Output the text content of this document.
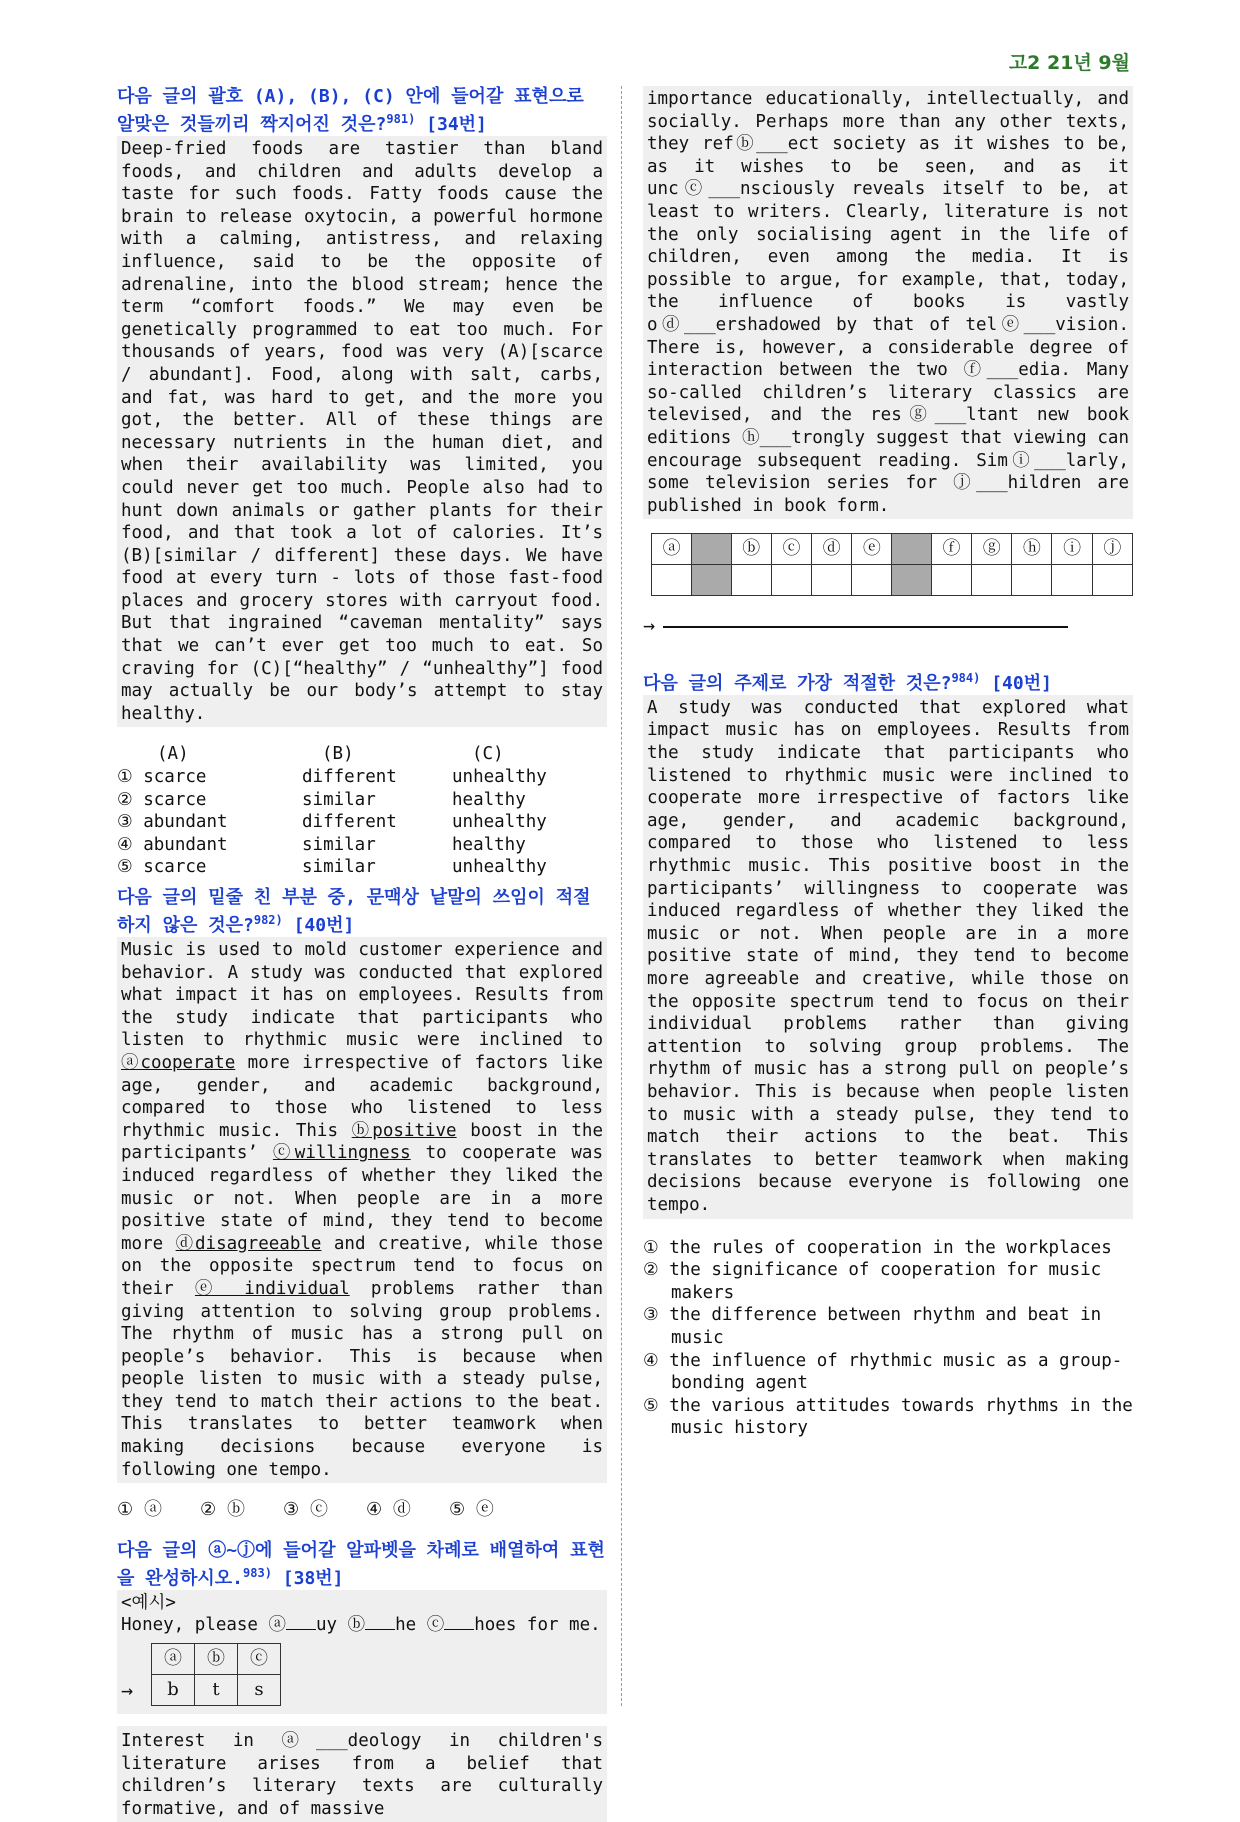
고2 21년 9월
다음 글의 괄호 (A), (B), (C) 안에 들어갈 표현으로 알맞은 것들끼리 짝지어진 것은?$^{981)}$ [34번]

Deep-fried foods are tastier than bland foods, and children and adults develop a taste for such foods. Fatty foods cause the brain to release oxytocin, a powerful hormone with a calming, antistress, and relaxing influence, said to be the opposite of adrenaline, into the blood stream; hence the term “comfort foods.” We may even be genetically programmed to eat too much. For thousands of years, food was very (A)[scarce / abundant]. Food, along with salt, carbs, and fat, was hard to get, and the more you got, the better. All of these things are necessary nutrients in the human diet, and when their availability was limited, you could never get too much. People also had to hunt down animals or gather plants for their food, and that took a lot of calories. It’s (B)[similar / different] these days. We have food at every turn - lots of those fast-food places and grocery stores with carryout food. But that ingrained “caveman mentality” says that we can’t ever get too much to eat. So craving for (C)[“healthy” / “unhealthy”] food may actually be our body’s attempt to stay healthy.

(A)	(B)	(C)
① scarce	different	unhealthy
② scarce	similar	healthy
③ abundant	different	unhealthy
④ abundant	similar	healthy
⑤ scarce	similar	unhealthy
다음 글의 밑줄 친 부분 중, 문맥상 낱말의 쓰임이 적절하지 않은 것은?$^{982)}$ [40번]

Music is used to mold customer experience and behavior. A study was conducted that explored what impact it has on employees. Results from the study indicate that participants who listen to rhythmic music were inclined to ⓐcooperate more irrespective of factors like age, gender, and academic background, compared to those who listened to less rhythmic music. This ⓑpositive boost in the participants’ ⓒwillingness to cooperate was induced regardless of whether they liked the music or not. When people are in a more positive state of mind, they tend to become more ⓓdisagreeable and creative, while those on the opposite spectrum tend to focus on their ⓔ individual problems rather than giving attention to solving group problems. The rhythm of music has a strong pull on people’s behavior. This is because when people listen to music with a steady pulse, they tend to match their actions to the beat. This translates to better teamwork when making decisions because everyone is following one tempo.

① ⓐ ② ⓑ ③ ⓒ ④ ⓓ ⑤ ⓔ
다음 글의 ⓐ~ⓙ에 들어갈 알파벳을 차례로 배열하여 표현을 완성하시오.$^{983)}$ [38번]
<예시>
Honey, please ⓐ uy ⓑ he ⓒ hoes for me.
→
ⓐ	ⓑ	ⓒ
b	t	s

Interest in ⓐ___deology in children's literature arises from a belief that children’s literary texts are culturally formative, and of massive

importance educationally, intellectually, and socially. Perhaps more than any other texts, they refⓑ___ect society as it wishes to be, as it wishes to be seen, and as it uncⓒ___nsciously reveals itself to be, at least to writers. Clearly, literature is not the only socialising agent in the life of children, even among the media. It is possible to argue, for example, that, today, the influence of books is vastly oⓓ___ershadowed by that of telⓔ___vision. There is, however, a considerable degree of interaction between the two ⓕ___edia. Many so-called children’s literary classics are televised, and the resⓖ___ltant new book editions ⓗ___trongly suggest that viewing can encourage subsequent reading. Simⓘ___larly, some television series for ⓙ___hildren are published in book form.

ⓐ		ⓑ	ⓒ	ⓓ	ⓔ		ⓕ	ⓖ	ⓗ	ⓘ	ⓙ

→
다음 글의 주제로 가장 적절한 것은?$^{984)}$ [40번]

A study was conducted that explored what impact music has on employees. Results from the study indicate that participants who listened to rhythmic music were inclined to cooperate more irrespective of factors like age, gender, and academic background, compared to those who listened to less rhythmic music. This positive boost in the participants’ willingness to cooperate was induced regardless of whether they liked the music or not. When people are in a more positive state of mind, they tend to become more agreeable and creative, while those on the opposite spectrum tend to focus on their individual problems rather than giving attention to solving group problems. The rhythm of music has a strong pull on people’s behavior. This is because when people listen to music with a steady pulse, they tend to match their actions to the beat. This translates to better teamwork when making decisions because everyone is following one tempo.

① the rules of cooperation in the workplaces
② the significance of cooperation for music makers
③ the difference between rhythm and beat in music
④ the influence of rhythmic music as a group-bonding agent
⑤ the various attitudes towards rhythms in the music history
